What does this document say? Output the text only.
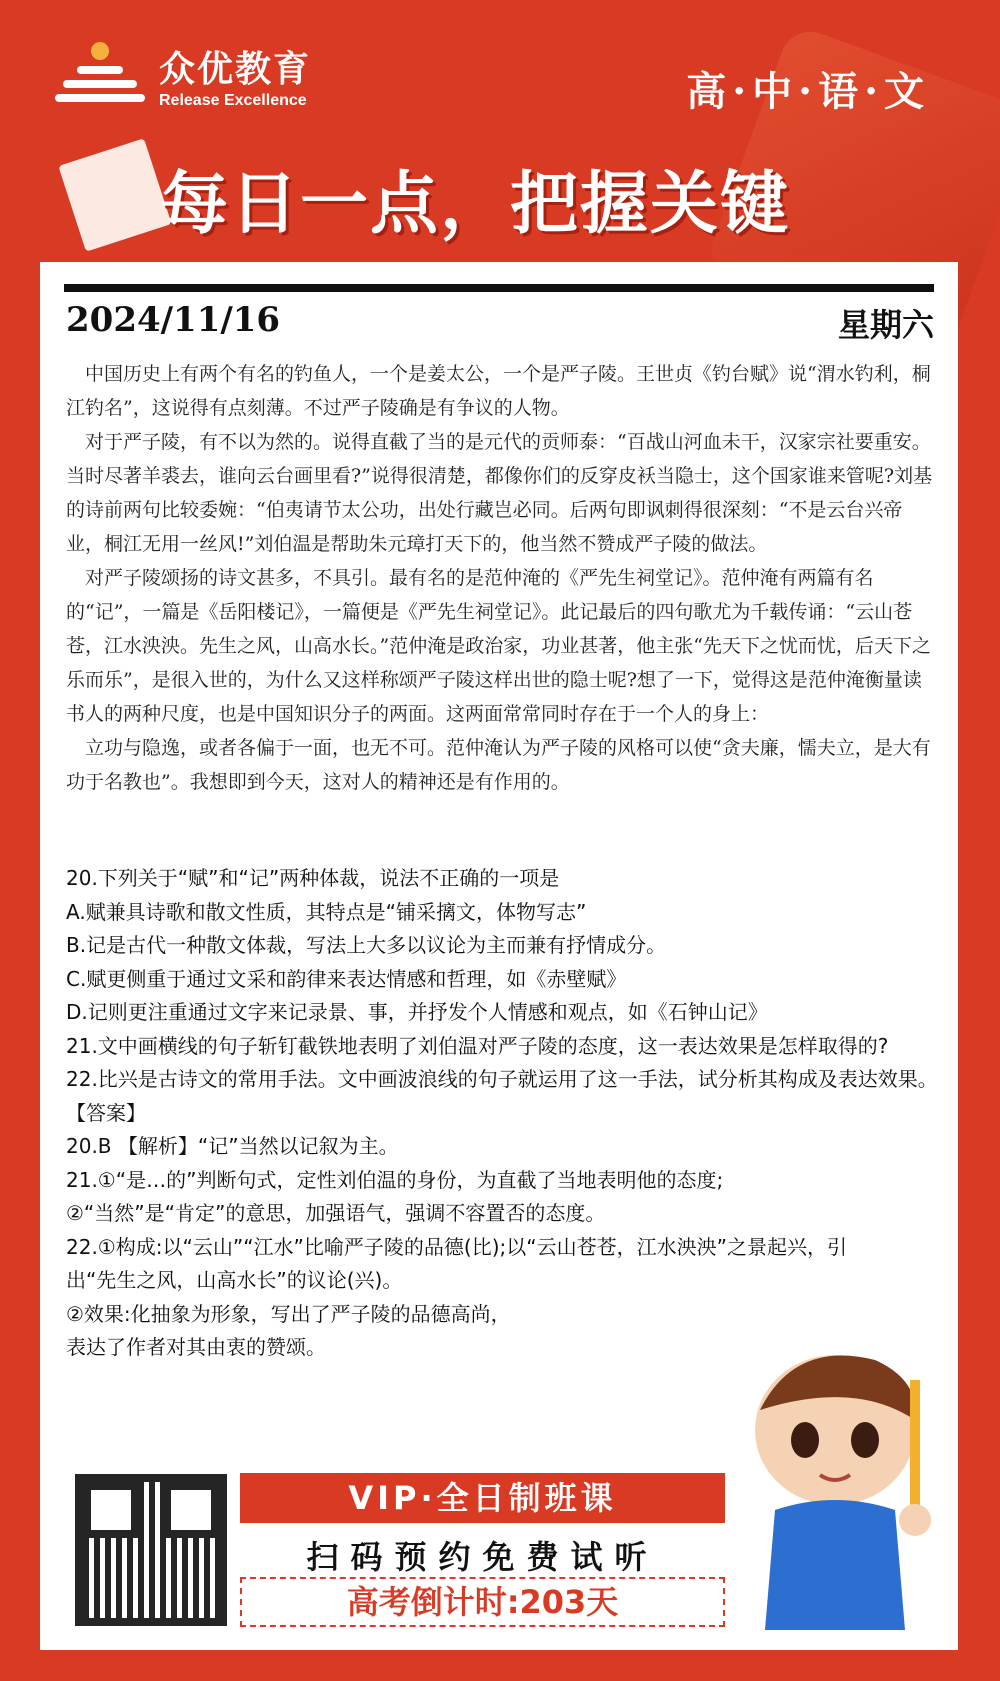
众优教育
Release Excellence	高·中·语·文
每日一点，把握关键
2024/11/16	星期六

中国历史上有两个有名的钓鱼人，一个是姜太公，一个是严子陵。王世贞《钓台赋》说“渭水钓利，桐江钓名”，这说得有点刻薄。不过严子陵确是有争议的人物。

对于严子陵，有不以为然的。说得直截了当的是元代的贡师泰：“百战山河血未干，汉家宗社要重安。当时尽著羊裘去，谁向云台画里看?”说得很清楚，都像你们的反穿皮袄当隐士，这个国家谁来管呢?刘基的诗前两句比较委婉：“伯夷请节太公功，出处行藏岂必同。后两句即讽刺得很深刻：“不是云台兴帝业，桐江无用一丝风!”刘伯温是帮助朱元璋打天下的，他当然不赞成严子陵的做法。

对严子陵颂扬的诗文甚多，不具引。最有名的是范仲淹的《严先生祠堂记》。范仲淹有两篇有名的“记”，一篇是《岳阳楼记》，一篇便是《严先生祠堂记》。此记最后的四句歌尤为千载传诵：“云山苍苍，江水泱泱。先生之风，山高水长。”范仲淹是政治家，功业甚著，他主张“先天下之忧而忧，后天下之乐而乐”，是很入世的，为什么又这样称颂严子陵这样出世的隐士呢?想了一下，觉得这是范仲淹衡量读书人的两种尺度，也是中国知识分子的两面。这两面常常同时存在于一个人的身上：

立功与隐逸，或者各偏于一面，也无不可。范仲淹认为严子陵的风格可以使“贪夫廉，懦夫立，是大有功于名教也”。我想即到今天，这对人的精神还是有作用的。

20.下列关于“赋”和“记”两种体裁，说法不正确的一项是
A.赋兼具诗歌和散文性质，其特点是“铺采摛文，体物写志”
B.记是古代一种散文体裁，写法上大多以议论为主而兼有抒情成分。
C.赋更侧重于通过文采和韵律来表达情感和哲理，如《赤壁赋》
D.记则更注重通过文字来记录景、事，并抒发个人情感和观点，如《石钟山记》
21.文中画横线的句子斩钉截铁地表明了刘伯温对严子陵的态度，这一表达效果是怎样取得的?
22.比兴是古诗文的常用手法。文中画波浪线的句子就运用了这一手法，试分析其构成及表达效果。
【答案】
20.B 【解析】“记”当然以记叙为主。
21.①“是…的”判断句式，定性刘伯温的身份，为直截了当地表明他的态度;
②“当然”是“肯定”的意思，加强语气，强调不容置否的态度。
22.①构成:以“云山”“江水”比喻严子陵的品德(比);以“云山苍苍，江水泱泱”之景起兴，引出“先生之风，山高水长”的议论(兴)。
②效果:化抽象为形象，写出了严子陵的品德高尚，
表达了作者对其由衷的赞颂。
VIP·全日制班课
扫码预约免费试听
高考倒计时:203天
